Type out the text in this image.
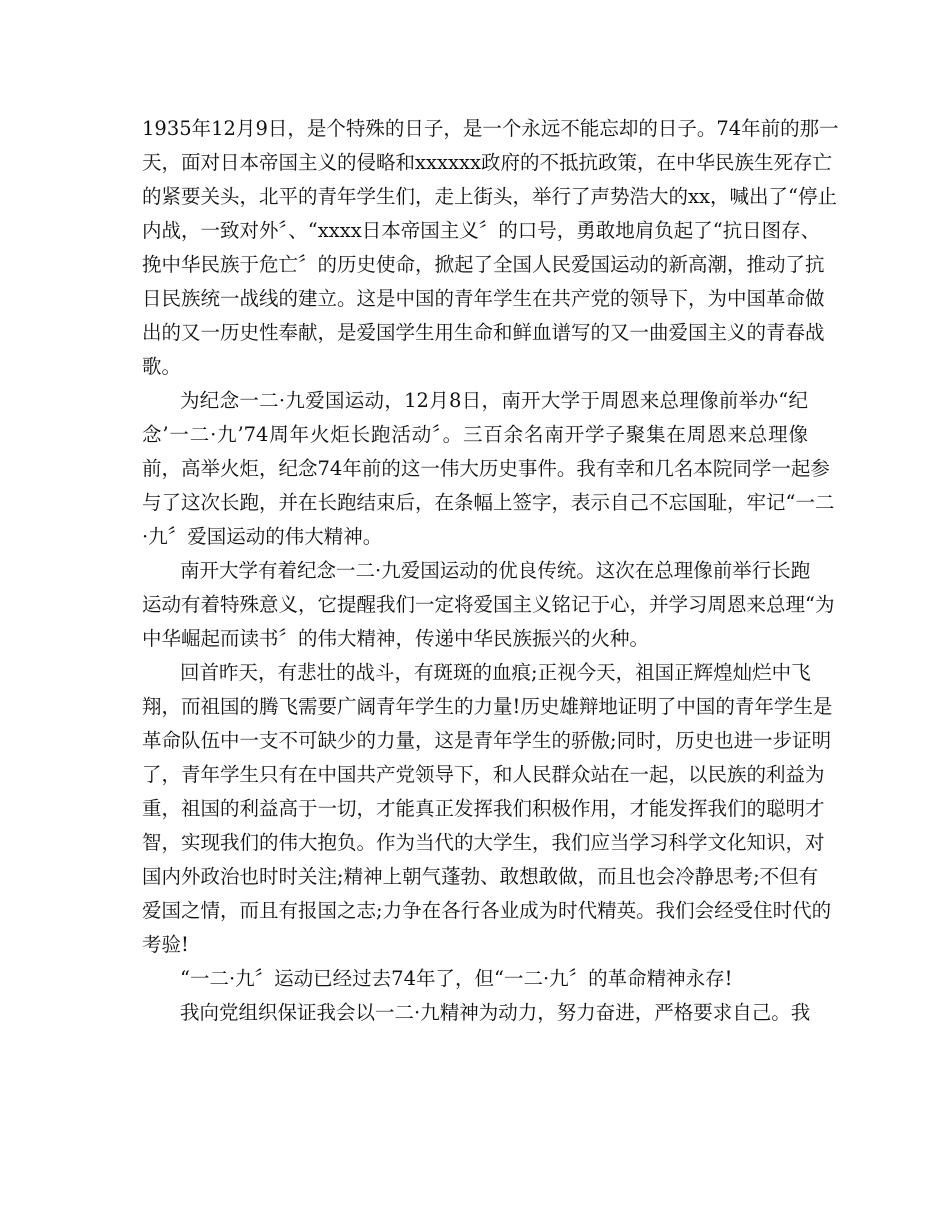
1935年12月9日，是个特殊的日子，是一个永远不能忘却的日子。74年前的那一
天，面对日本帝国主义的侵略和xxxxxx政府的不抵抗政策，在中华民族生死存亡
的紧要关头，北平的青年学生们，走上街头，举行了声势浩大的xx，喊出了“停止
内战，一致对外〞、“xxxx日本帝国主义〞的口号，勇敢地肩负起了“抗日图存、
挽中华民族于危亡〞的历史使命，掀起了全国人民爱国运动的新高潮，推动了抗
日民族统一战线的建立。这是中国的青年学生在共产党的领导下，为中国革命做
出的又一历史性奉献，是爱国学生用生命和鲜血谱写的又一曲爱国主义的青春战
歌。
为纪念一二·九爱国运动，12月8日，南开大学于周恩来总理像前举办“纪
念’一二·九’74周年火炬长跑活动〞。三百余名南开学子聚集在周恩来总理像
前，高举火炬，纪念74年前的这一伟大历史事件。我有幸和几名本院同学一起参
与了这次长跑，并在长跑结束后，在条幅上签字，表示自己不忘国耻，牢记“一二
·九〞爱国运动的伟大精神。
南开大学有着纪念一二·九爱国运动的优良传统。这次在总理像前举行长跑
运动有着特殊意义，它提醒我们一定将爱国主义铭记于心，并学习周恩来总理“为
中华崛起而读书〞的伟大精神，传递中华民族振兴的火种。
回首昨天，有悲壮的战斗，有斑斑的血痕;正视今天，祖国正辉煌灿烂中飞
翔，而祖国的腾飞需要广阔青年学生的力量!历史雄辩地证明了中国的青年学生是
革命队伍中一支不可缺少的力量，这是青年学生的骄傲;同时，历史也进一步证明
了，青年学生只有在中国共产党领导下，和人民群众站在一起，以民族的利益为
重，祖国的利益高于一切，才能真正发挥我们积极作用，才能发挥我们的聪明才
智，实现我们的伟大抱负。作为当代的大学生，我们应当学习科学文化知识，对
国内外政治也时时关注;精神上朝气蓬勃、敢想敢做，而且也会冷静思考;不但有
爱国之情，而且有报国之志;力争在各行各业成为时代精英。我们会经受住时代的
考验!
“一二·九〞运动已经过去74年了，但“一二·九〞的革命精神永存!
我向党组织保证我会以一二·九精神为动力，努力奋进，严格要求自己。我
